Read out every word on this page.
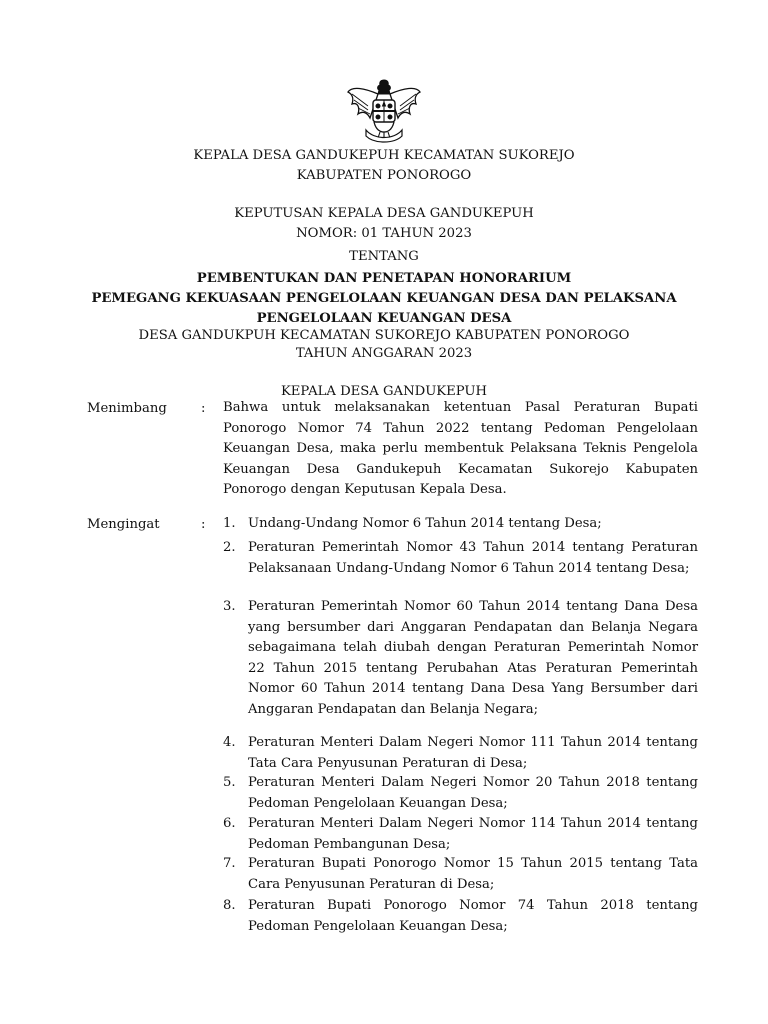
KEPALA DESA GANDUKEPUH KECAMATAN SUKOREJO
KABUPATEN PONOROGO
KEPUTUSAN KEPALA DESA GANDUKEPUH
NOMOR: 01 TAHUN 2023
TENTANG
PEMBENTUKAN DAN PENETAPAN HONORARIUM
PEMEGANG KEKUASAAN PENGELOLAAN KEUANGAN DESA DAN PELAKSANA
PENGELOLAAN KEUANGAN DESA
DESA GANDUKPUH KECAMATAN SUKOREJO KABUPATEN PONOROGO
TAHUN ANGGARAN 2023
KEPALA DESA GANDUKEPUH
Menimbang	: Bahwa untuk melaksanakan ketentuan Pasal Peraturan Bupati Ponorogo Nomor 74 Tahun 2022 tentang Pedoman Pengelolaan Keuangan Desa, maka perlu membentuk Pelaksana Teknis Pengelola Keuangan Desa Gandukepuh Kecamatan Sukorejo Kabupaten Ponorogo dengan Keputusan Kepala Desa.
Mengingat	: 1. Undang-Undang Nomor 6 Tahun 2014 tentang Desa;
2. Peraturan Pemerintah Nomor 43 Tahun 2014 tentang Peraturan Pelaksanaan Undang-Undang Nomor 6 Tahun 2014 tentang Desa;
3. Peraturan Pemerintah Nomor 60 Tahun 2014 tentang Dana Desa yang bersumber dari Anggaran Pendapatan dan Belanja Negara sebagaimana telah diubah dengan Peraturan Pemerintah Nomor 22 Tahun 2015 tentang Perubahan Atas Peraturan Pemerintah Nomor 60 Tahun 2014 tentang Dana Desa Yang Bersumber dari Anggaran Pendapatan dan Belanja Negara;
4. Peraturan Menteri Dalam Negeri Nomor 111 Tahun 2014 tentang Tata Cara Penyusunan Peraturan di Desa;
5. Peraturan Menteri Dalam Negeri Nomor 20 Tahun 2018 tentang Pedoman Pengelolaan Keuangan Desa;
6. Peraturan Menteri Dalam Negeri Nomor 114 Tahun 2014 tentang Pedoman Pembangunan Desa;
7. Peraturan Bupati Ponorogo Nomor 15 Tahun 2015 tentang Tata Cara Penyusunan Peraturan di Desa;
8. Peraturan Bupati Ponorogo Nomor 74 Tahun 2018 tentang Pedoman Pengelolaan Keuangan Desa;
